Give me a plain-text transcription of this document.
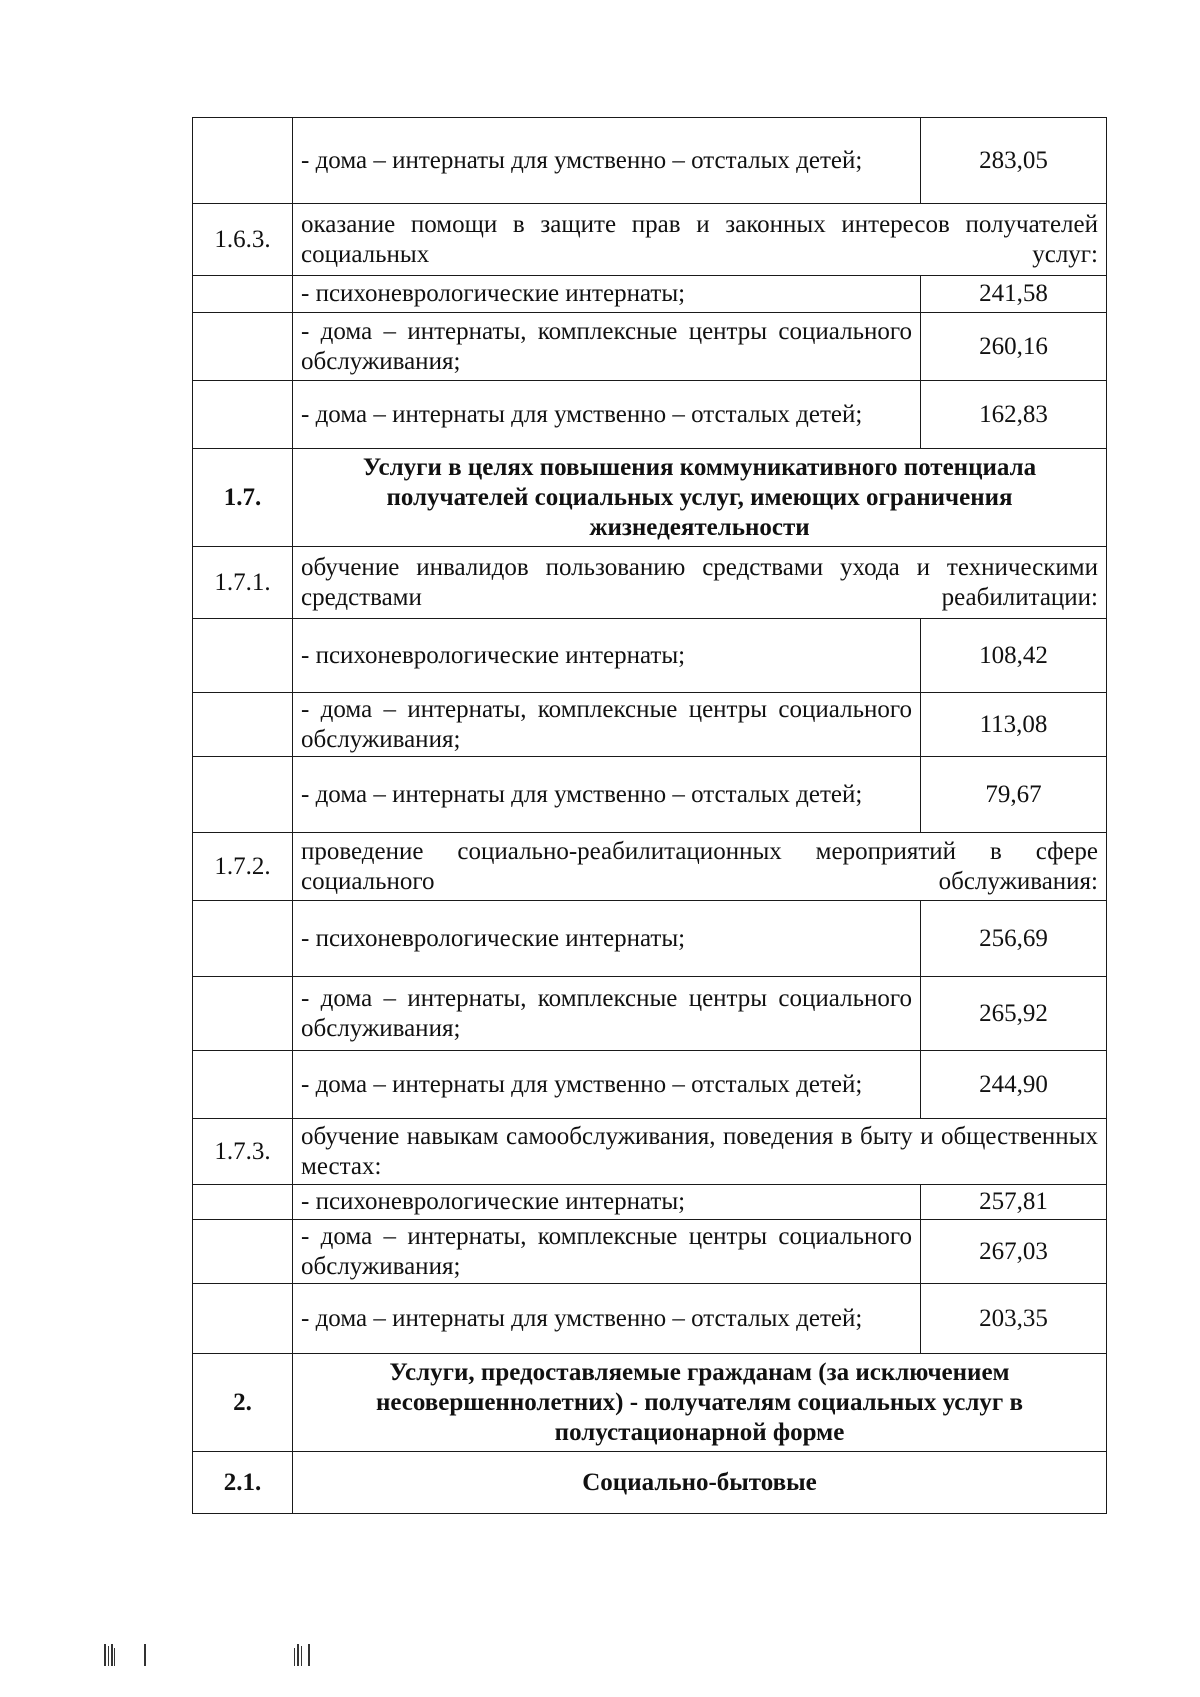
	- дома – интернаты для умственно – отсталых детей;	283,05
1.6.3.	оказание помощи в защите прав и законных интересов получателей социальных услуг:	
	- психоневрологические интернаты;	241,58
	- дома – интернаты, комплексные центры социального обслуживания;	260,16
	- дома – интернаты для умственно – отсталых детей;	162,83
1.7.	Услуги в целях повышения коммуникативного потенциала получателей социальных услуг, имеющих ограничения жизнедеятельности	
1.7.1.	обучение инвалидов пользованию средствами ухода и техническими средствами реабилитации:	
	- психоневрологические интернаты;	108,42
	- дома – интернаты, комплексные центры социального обслуживания;	113,08
	- дома – интернаты для умственно – отсталых детей;	79,67
1.7.2.	проведение социально-реабилитационных мероприятий в сфере социального обслуживания:	
	- психоневрологические интернаты;	256,69
	- дома – интернаты, комплексные центры социального обслуживания;	265,92
	- дома – интернаты для умственно – отсталых детей;	244,90
1.7.3.	обучение навыкам самообслуживания, поведения в быту и общественных местах:	
	- психоневрологические интернаты;	257,81
	- дома – интернаты, комплексные центры социального обслуживания;	267,03
	- дома – интернаты для умственно – отсталых детей;	203,35
2.	Услуги, предоставляемые гражданам (за исключением несовершеннолетних) - получателям социальных услуг в полустационарной форме	
2.1.	Социально-бытовые	
